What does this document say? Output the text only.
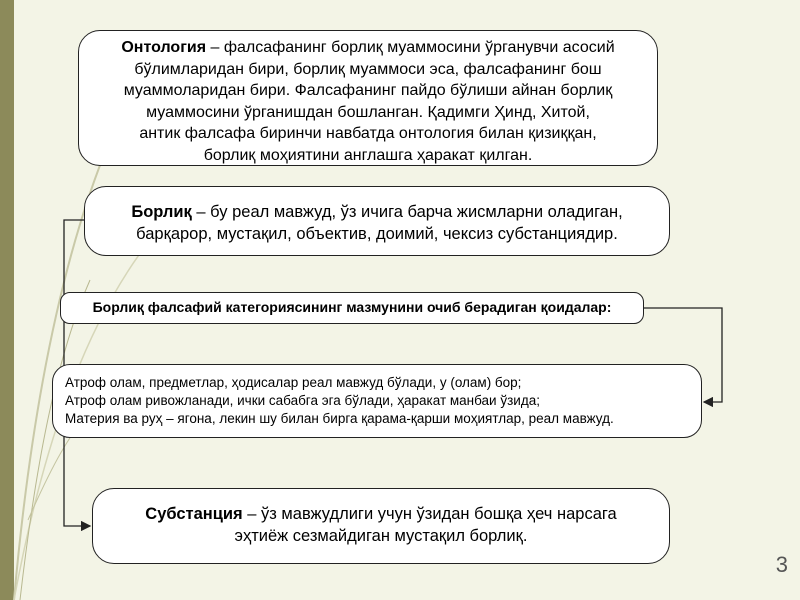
Онтология – фалсафанинг борлиқ муаммосини ўрганувчи асосий
бўлимларидан бири, борлиқ муаммоси эса, фалсафанинг бош
муаммоларидан бири. Фалсафанинг пайдо бўлиши айнан борлиқ
муаммосини ўрганишдан бошланган. Қадимги Ҳинд, Хитой,
антик фалсафа биринчи навбатда онтология билан қизиққан,
борлиқ моҳиятини англашга ҳаракат қилган.
Борлиқ – бу реал мавжуд, ўз ичига барча жисмларни оладиган,
барқарор, мустақил, объектив, доимий, чексиз субстанциядир.
Борлиқ фалсафий категориясининг мазмунини очиб берадиган қоидалар:
Атроф олам, предметлар, ҳодисалар реал мавжуд бўлади, у (олам) бор;
Атроф олам ривожланади, ички сабабга эга бўлади, ҳаракат манбаи ўзида;
Материя ва руҳ – ягона, лекин шу билан бирга қарама-қарши моҳиятлар, реал мавжуд.
Субстанция – ўз мавжудлиги учун ўзидан бошқа ҳеч нарсага
эҳтиёж сезмайдиган мустақил борлиқ.
3
